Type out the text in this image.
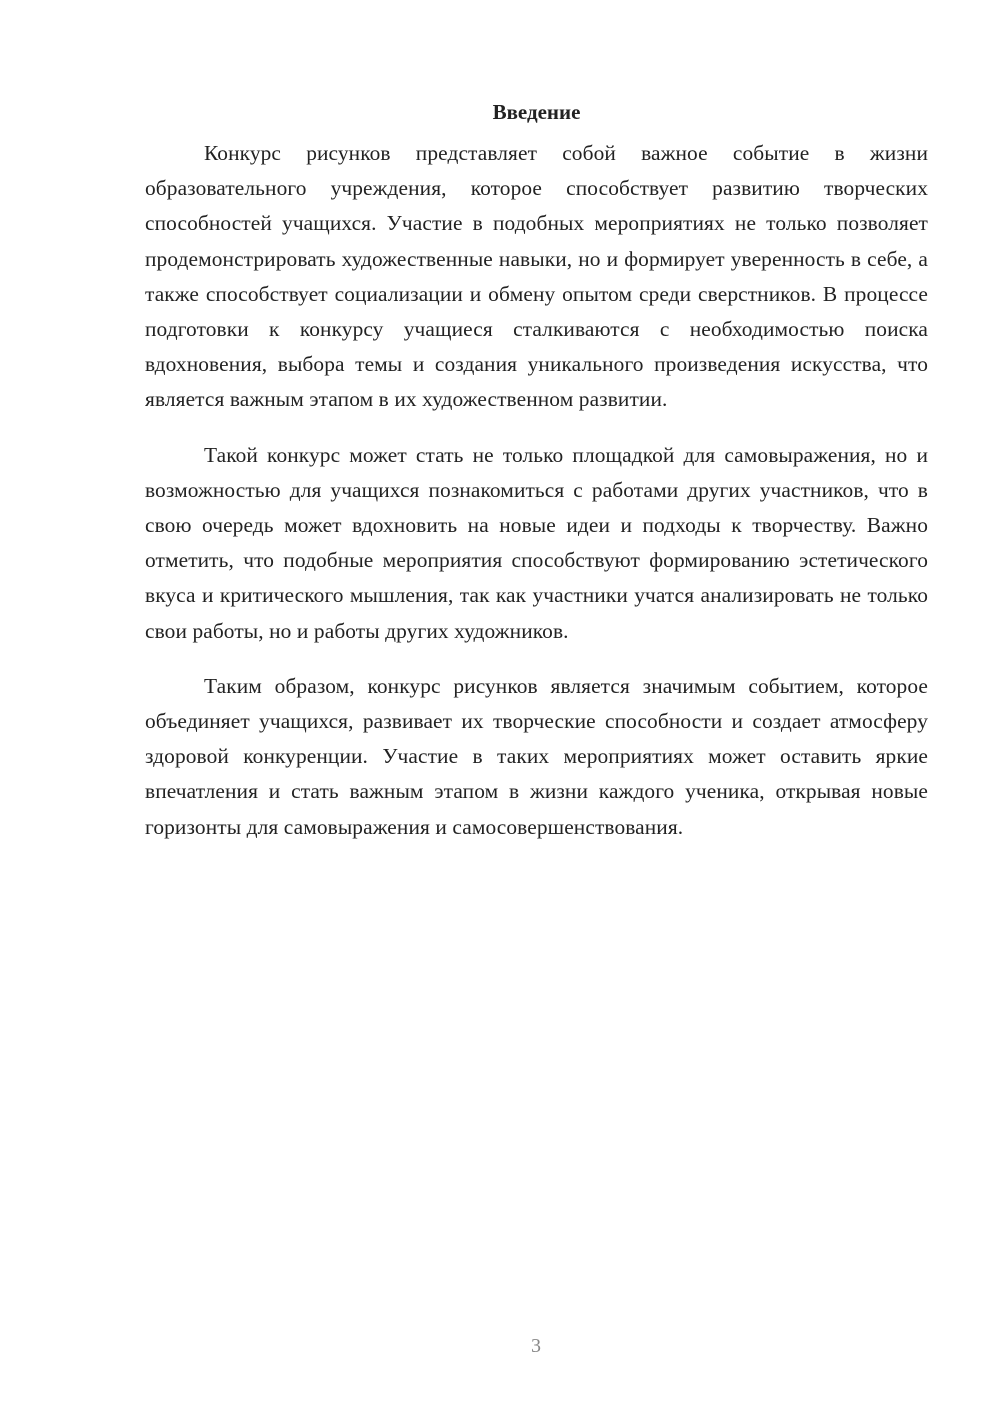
Введение

Конкурс рисунков представляет собой важное событие в жизни образовательного учреждения, которое способствует развитию творческих способностей учащихся. Участие в подобных мероприятиях не только позволяет продемонстрировать художественные навыки, но и формирует уверенность в себе, а также способствует социализации и обмену опытом среди сверстников. В процессе подготовки к конкурсу учащиеся сталкиваются с необходимостью поиска вдохновения, выбора темы и создания уникального произведения искусства, что является важным этапом в их художественном развитии.

Такой конкурс может стать не только площадкой для самовыражения, но и возможностью для учащихся познакомиться с работами других участников, что в свою очередь может вдохновить на новые идеи и подходы к творчеству. Важно отметить, что подобные мероприятия способствуют формированию эстетического вкуса и критического мышления, так как участники учатся анализировать не только свои работы, но и работы других художников.

Таким образом, конкурс рисунков является значимым событием, которое объединяет учащихся, развивает их творческие способности и создает атмосферу здоровой конкуренции. Участие в таких мероприятиях может оставить яркие впечатления и стать важным этапом в жизни каждого ученика, открывая новые горизонты для самовыражения и самосовершенствования.

3
